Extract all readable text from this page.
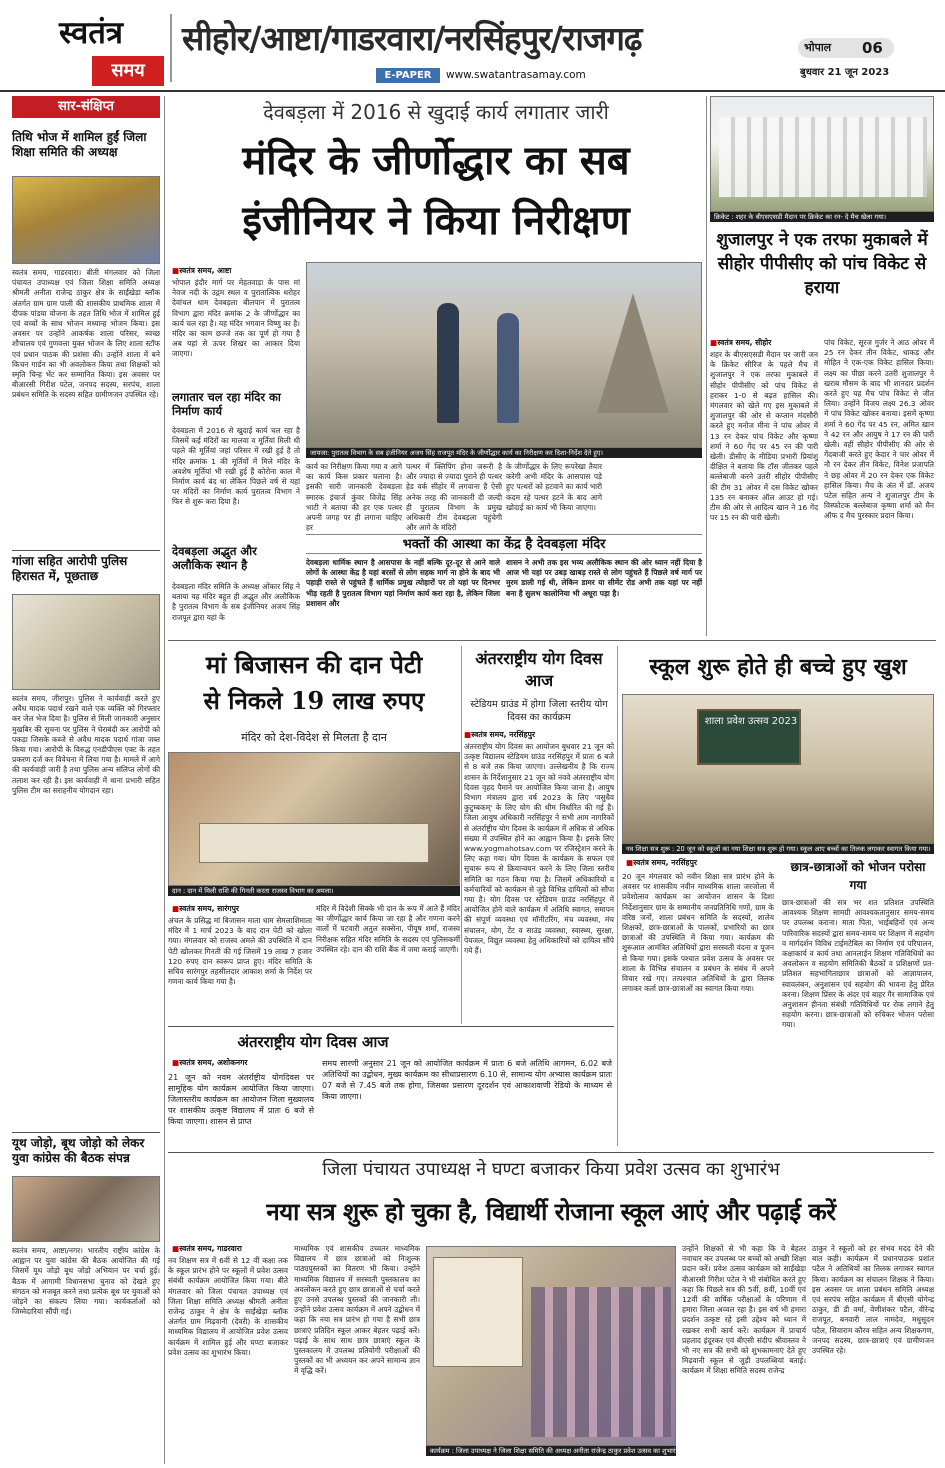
स्वतंत्र
समय
सीहोर/आष्टा/गाडरवारा/नरसिंहपुर/राजगढ़
E-PAPER	www.swatantrasamay.com
भोपाल	06
बुधवार 21 जून 2023
सार-संक्षिप्त
तिथि भोज में शामिल हुईं जिला शिक्षा समिति की अध्यक्ष
स्वतंत्र समय, गाडरवारा। बीती मंगलवार को जिला पंचायत उपाध्यक्ष एवं जिला शिक्षा समिति अध्यक्ष श्रीमती अनीता राजेन्द्र ठाकुर क्षेत्र के साईंखेड़ा ब्लॉक अंतर्गत ग्राम ग्राम पाली की शासकीय प्राथमिक शाला में दीपक पांडया योजना के तहत तिथि भोज में शामिल हुई एवं बच्चों के साथ भोजन मध्यान्ह भोजन किया। इस अवसर पर उन्होंने आकर्षक शाला परिसर, स्वच्छ शौचालय एवं गुणवत्ता युक्त भोजन के लिए शाला स्टॉफ एवं प्रधान पाठक की प्रशंसा की। उन्होंने शाला में बने किचन गार्डन का भी अवलोकन किया तथा शिक्षकों को स्मृति चिन्ह भेंट कर सम्मानित किया। इस अवसर पर बीआरसी गिरीश पटेल, जनपद सदस्य, सरपंच, शाला प्रबंधन समिति के सदस्य सहित ग्रामीणजन उपस्थित रहे।
गांजा सहित आरोपी पुलिस हिरासत में, पूछताछ
स्वतंत्र समय, जीरापुर। पुलिस ने कार्यवाही करते हुए अवैध मादक पदार्थ रखने वाले एक व्यक्ति को गिरफ्तार कर जेल भेज दिया है। पुलिस से मिली जानकारी अनुसार मुखबिर की सूचना पर पुलिस ने घेराबंदी कर आरोपी को पकड़ा जिसके कब्जे से अवैध मादक पदार्थ गांजा जब्त किया गया। आरोपी के विरुद्ध एनडीपीएस एक्ट के तहत प्रकरण दर्ज कर विवेचना में लिया गया है। मामले में आगे की कार्यवाही जारी है तथा पुलिस अन्य संलिप्त लोगों की तलाश कर रही है। इस कार्यवाही में थाना प्रभारी सहित पुलिस टीम का सराहनीय योगदान रहा।
यूथ जोड़ो, बूथ जोड़ो को लेकर युवा कांग्रेस की बैठक संपन्न
स्वतंत्र समय, आष्टा/नगर। भारतीय राष्ट्रीय कांग्रेस के आह्वान पर युवा कांग्रेस की बैठक आयोजित की गई जिसमें यूथ जोड़ो बूथ जोड़ो अभियान पर चर्चा हुई। बैठक में आगामी विधानसभा चुनाव को देखते हुए संगठन को मजबूत करने तथा प्रत्येक बूथ पर युवाओं को जोड़ने का संकल्प लिया गया। कार्यकर्ताओं को जिम्मेदारियां सौंपी गईं।
देवबड़ला में 2016 से खुदाई कार्य लगातार जारी
मंदिर के जीर्णोद्धार का सब
इंजीनियर ने किया निरीक्षण
■ स्वतंत्र समय, आष्टा
भोपाल इंदौर मार्ग पर मेहतवाड़ा के पास मां नेवज नदी के उद्गम स्थल व पुरातात्विक धरोहर देवांचल धाम देवबड़ला बीलपान में पुरातत्व विभाग द्वारा मंदिर क्रमांक 2 के जीर्णोद्धार का कार्य चल रहा है। यह मंदिर भगवान विष्णु का है। मंदिर का काम छज्जे तक का पूर्ण हो गया है अब यहां से ऊपर शिखर का आकार दिया जाएगा।
लगातार चल रहा मंदिर का निर्माण कार्य
देवबड़ला में 2016 से खुदाई कार्य चल रहा है जिसमें कई मंदिरों का मालवा व मूर्तियां मिली थी पहले की मूर्तियां जहां परिसर में रखी हुई है तो मंदिर क्रमांक 1 की मूर्तियों में मिले मंदिर के अवशेष मूर्तियां भी रखी हुई हैं कोरोना काल में निर्माण कार्य बंद था लेकिन पिछले वर्ष से यहां पर मंदिरों का निर्माण कार्य पुरातत्व विभाग ने फिर से शुरू करा दिया है।
देवबड़ला अद्भुत और अलौकिक स्थान है
देवबड़ला मंदिर समिति के अध्यक्ष ओंकार सिंह ने बताया यह मंदिर बहुत ही अद्भुत और अलौकिक है पुरातत्व विभाग के सब इंजीनियर अजय सिंह राजपूत द्वारा यहां के
जायजा: पुरातत्व विभाग के सब इंजीनियर अजय सिंह राजपूत मंदिर के जीर्णोद्धार कार्य का निरीक्षण कर दिशा-निर्देश देते हुए।
कार्य का निरीक्षण किया गया व आगे का कार्य किस प्रकार चलाना है। इसकी सारी जानकारी देवबड़ला स्मारक इंचार्ज कुंवर विजेंद्र सिंह भाटी ने बताया की हर एक पत्थर अपनी जगह पर ही लगाना चाहिए हर
पत्थर में क्लिपिंग होना जरूरी है और ज्यादा से ज्यादा पुराने ही पत्थर हेड वर्क सीहोर में लगवाना है ऐसी अनेक तरह की जानकारी दी जल्दी ही पुरातत्व विभाग के प्रमुख अधिकारी टीम देवबड़ला पहुंचेगी और आगे के मंदिरों
के जीर्णोद्धार के लिए रूपरेखा तैयार करेगी अभी मंदिर के आसपास पड़े हुए पत्थरों को हटवाने का कार्य भारी कदम रहे पत्थर हटने के बाद आगे खोदाई का कार्य भी किया जाएगा।
भक्तों की आस्था का केंद्र है देवबड़ला मंदिर
देवबड़ला धार्मिक स्थान है आसपास के नहीं बल्कि दूर-दूर से आने वाले लोगों के आस्था केंद्र है यहां बरसों से लोग सहक मार्ग ना होने के बाद भी पहाड़ी रास्ते से पहुंचते हैं धार्मिक प्रमुख त्योहारों पर तो यहां पर दिनभर भीड़ रहती है पुरातत्व विभाग यहां निर्माण कार्य करा रहा है, लेकिन जिला प्रशासन और
शासन ने अभी तक इस भव्य अलौकिक स्थान की ओर ध्यान नहीं दिया है आज भी यहां पर उबड़ खाबड़ रास्ते से लोग पहुंचते हैं पिछले वर्ष मार्ग पर मुरम डाली गई थी, लेकिन डामर या सीमेंट रोड अभी तक यहां पर नहीं बना है सुलभ कालोनिया भी अधूरा पड़ा है।
क्रिकेट : शहर के बीएसएसडी मैदान पर क्रिकेट का रन- दे मैच खेला गया।
शुजालपुर ने एक तरफा मुकाबले में सीहोर पीपीसीए को पांच विकेट से हराया
■ स्वतंत्र समय, सीहोर
शहर के बीएसएसडी मैदान पर जारी जन के क्रिकेट सीरिज के पहले मैच में शुजालपुर ने एक तरफा मुकाबले में सीहोर पीपीसीए को पांच विकेट से हराकर 1-0 से बढ़त हासिल की। मंगलवार को खेले गए इस मुकाबले में शुजालपुर की ओर से कप्तान मंदसौरी करते हुए मनोज मीना ने पांच ओवर में 13 रन देकर पांच विकेट और कृष्णा शर्मा ने 60 गेंद पर 45 रन की पारी खेली। डीसीए के मीडिया प्रभारी प्रियांशु दीक्षित ने बताया कि टॉस जीतकर पहले बल्लेबाजी करने उतरी सीहोर पीपीसीए की टीम 31 ओवर में दस विकेट खोकर 135 रन बनाकर ऑल आउट हो गई। टीम की ओर से आदित्य खान ने 16 गेंद पर 15 रन की पारी खेली।
पांच विकेट, सूरज गुर्जर ने आठ ओवर में 25 रन देकर तीन विकेट, धाकड़ और मोहित ने एक-एक विकेट हासिल किया। लक्ष्य का पीछा करने उतरी शुजालपुर ने खराब मौसम के बाद भी शानदार प्रदर्शन करते हुए यह मैच पांच विकेट से जीत लिया। उन्होंने विजय लक्ष्य 26.3 ओवर में पांच विकेट खोकर बनाया। इसमें कृष्णा शर्मा ने 60 गेंद पर 45 रन, अमित खान ने 42 रन और आयुष ने 17 रन की पारी खेली। वहीं सीहोर पीपीसीए की ओर से गेंदबाजी करते हुए केदार ने चार ओवर में नौ रन देकर तीन विकेट, विनेश प्रजापति ने छह ओवर में 20 रन देकर एक विकेट हासिल किया। मैच के अंत में डॉ. अजय पटेल सहित अन्य ने शुजालपुर टीम के विस्फोटक बल्लेबाज कृष्णा शर्मा को मैन ऑफ द मैच पुरस्कार प्रदान किया।
मां बिजासन की दान पेटी
से निकले 19 लाख रुपए
मंदिर को देश-विदेश से मिलता है दान
दान : दान में मिली राशि की गिनती करता राजस्व विभाग का अमला।
■ स्वतंत्र समय, सारंगपुर
अंचल के प्रसिद्ध मां बिजासन माता धाम सेमलाशिमाता मंदिर में 1 मार्च 2023 के बाद दान पेटी को खोला गया। मंगलवार को राजस्व अमले की उपस्थिति में दान पेटी खोलकर गिनती की गई जिसमें 19 लाख 7 हजार 120 रुपए दान स्वरूप प्राप्त हुए। मंदिर समिति के सचिव सारंगपुर तहसीलदार आकाश शर्मा के निर्देश पर गणना कार्य किया गया है।
मंदिर में विदेशी सिक्के भी दान के रूप में आते हैं मंदिर का जीर्णोद्धार कार्य किया जा रहा है और गणना करने वालों में पटवारी अतुल सक्सेना, पीयूष शर्मा, राजस्व निरीक्षक सहित मंदिर समिति के सदस्य एवं पुलिसकर्मी उपस्थित रहे। दान की राशि बैंक में जमा कराई जाएगी।
अंतरराष्ट्रीय योग दिवस आज
स्टेडियम ग्राउंड में होगा जिला स्तरीय योग दिवस का कार्यक्रम
■ स्वतंत्र समय, नरसिंहपुर
अंतरराष्ट्रीय योग दिवस का आयोजन बुधवार 21 जून को उत्कृष्ट विद्यालय स्टेडियम ग्राउंड नरसिंहपुर में प्रातः 6 बजे से 8 बजे तक किया जाएगा। उल्लेखनीय है कि राज्य शासन के निर्देशानुसार 21 जून को नववे अंतरराष्ट्रीय योग दिवस वृहद पैमाने पर आयोजित किया जाना है। आयुष विभाग मंत्रालय द्वारा वर्ष 2023 के लिए 'वसुधैव कुटुम्बकम्' के लिए योग की थीम निर्धारित की गई है। जिला आयुष अधिकारी नरसिंहपुर ने सभी आम नागरिकों से अंतर्राष्ट्रीय योग दिवस के कार्यक्रम में अधिक से अधिक संख्या में उपस्थित होने का आह्वान किया है। इसके लिए www.yogmahotsav.com पर रजिस्ट्रेशन करने के लिए कहा गया। योग दिवस के कार्यक्रम के सफल एवं सुचारू रूप से क्रियान्वयन करने के लिए जिला स्तरीय समिति का गठन किया गया है। जिसमें अधिकारियों व कर्मचारियों को कार्यक्रम से जुड़े विभिन्न दायित्वों को सौंपा गया है। योग दिवस पर स्टेडियम ग्राउंड नरसिंहपुर में आयोजित होने वाले कार्यक्रम में अतिथि स्वागत, समापन की संपूर्ण व्यवस्था एवं मॉनीटरिंग, मंच व्यवस्था, मंच संचालन, योग, टेंट व साउंड व्यवस्था, स्वास्थ्य, सुरक्षा, पेयजल, विद्युत व्यवस्था हेतु अधिकारियों को दायित्व सौंपे गये हैं।
अंतरराष्ट्रीय योग दिवस आज
■ स्वतंत्र समय, अशोकनगर
21 जून को नवम अंतर्राष्ट्रीय योगदिवस पर सामूहिक योग कार्यक्रम आयोजित किया जाएगा। जिलास्तरीय कार्यक्रम का आयोजन जिला मुख्यालय पर शासकीय उत्कृष्ट विद्यालय में प्रातः 6 बजे से किया जाएगा। शासन से प्राप्त
समय सारणी अनुसार 21 जून को आयोजित कार्यक्रम में प्रातः 6 बजे अतिथि आगमन, 6.02 बजे अतिथियों का उद्बोधन, मुख्य कार्यक्रम का सीधाप्रसारण 6.10 से, सामान्य योग अभ्यास कार्यक्रम प्रातः 07 बजे से 7.45 बजे तक होगा, जिसका प्रसारण दूरदर्शन एवं आकाशवाणी रेडियो के माध्यम से किया जाएगा।
स्कूल शुरू होते ही बच्चे हुए खुश
शाला प्रवेश उत्सव 2023
नव शिक्षा सत्र शुरू : 20 जून को स्कूलों का नया शिक्षा सत्र शुरू हो गया। स्कूल आए बच्चों का तिलक लगाकर स्वागत किया गया।
■ स्वतंत्र समय, नरसिंहपुर
20 जून मंगलवार को नवीन शिक्षा सत्र प्रारंभ होने के अवसर पर शासकीय नवीन माध्यमिक शाला जरजोला में प्रवेशोत्सव कार्यक्रम का आयोजन शासन के दिशा निर्देशानुसार ग्राम के सम्मानीय जनप्रतिनिधि गणों, ग्राम के वरिष्ठ जनों, शाला प्रबंधन समिति के सदस्यों, शालेय शिक्षकों, छात्र-छात्राओं के पालकों, प्रभारियों का छात्र छात्राओं की उपस्थिति में किया गया। कार्यक्रम की शुरूआत आमंत्रित अतिथियों द्वारा सरस्वती वंदना व पूजन से किया गया। इसके पश्चात प्रवेश उत्सव के अवसर पर शाला के विभिन्न संचालन व प्रबंधन के संबंध में अपने विचार रखे गए। तत्पश्चात अतिथियों के द्वारा तिलक लगाकर कर्ता छात्र-छात्राओं का स्वागत किया गया।
छात्र-छात्राओं को भोजन परोसा गया
छात्र-छात्राओं की सत्र भर शत प्रतिशत उपस्थिति आवश्यक शिक्षण सामग्री आवश्यकतानुसार समय-समय पर उपलब्ध कराना। माता पिता, भाईबहिनों एवं अन्य पारिवारिक सदस्यों द्वारा समय-समय पर शिक्षण में सहयोग व मार्गदर्शन विविध टाईमटेबिल का निर्माण एवं परिपालन, कक्षाकार्य व कार्य तथा आनलाईन शिक्षण गतिविधियों का अवलोकन व सहयोग समितिकी बैठकों व प्रशिक्षणों प्रत-प्रतिशत सहभागिताछात्र छात्राओं को आज्ञापालन, स्वावलंबन, अनुशासन एवं सहयोग की भावना हेतु प्रेरित करना। शिक्षण प्रिंसर के अंदर एवं बाहर गैर सामाजिक एवं अनुशासन हीनता संबंधी गतिविधियों पर रोक लगाने हेतु सहयोग करना। छात्र-छात्राओं को रुचिकर भोजन परोसा गया।
जिला पंचायत उपाध्यक्ष ने घण्टा बजाकर किया प्रवेश उत्सव का शुभारंभ
नया सत्र शुरू हो चुका है, विद्यार्थी रोजाना स्कूल आएं और पढ़ाई करें
■ स्वतंत्र समय, गाडरवारा
नव शिक्षण सत्र में 6वीं से 12 वीं कक्षा तक के स्कूल प्रारंभ होने पर स्कूलों में प्रवेश उत्सव संबंधी कार्यक्रम आयोजित किया गया। बीते मंगलवार को जिला पंचायत उपाध्यक्ष एवं जिला शिक्षा समिति अध्यक्ष श्रीमती अनीता राजेन्द्र ठाकुर ने क्षेत्र के साईंखेड़ा ब्लॉक अंतर्गत ग्राम मिढ़वानी (देवरी) के शासकीय माध्यमिक विद्यालय में आयोजित प्रवेश उत्सव कार्यक्रम में शामिल हुई और घण्टा बजाकर प्रवेश उत्सव का शुभारंभ किया।
माध्यमिक एवं शासकीय उच्चतर माध्यमिक विद्यालय में छात्र छात्राओं को निःशुल्क पाठ्यपुस्तकों का वितरण भी किया। उन्होंने माध्यमिक विद्यालय में सरस्वती पुस्तकालय का अवलोकन करते हुए छात्र छात्राओं से चर्चा करते हुए उनसे उपलब्ध पुस्तकों की जानकारी ली। उन्होंने प्रवेश उत्सव कार्यक्रम में अपने उद्बोधन में कहा कि नया सत्र प्रारंभ हो गया है सभी छात्र छात्राएं प्रतिदिन स्कूल आकर बेहतर पढ़ाई करें। पढ़ाई के साथ साथ छात्र छात्राएं स्कूल के पुस्तकालय में उपलब्ध प्रतियोगी परीक्षाओं की पुस्तकों का भी अध्ययन कर अपने सामान्य ज्ञान में वृद्धि करें।
कार्यक्रम : जिला उपाध्यक्ष ने जिला शिक्षा समिति की अध्यक्ष अनीता राजेन्द्र ठाकुर प्रवेश उत्सव का शुभारंभ करते हुए।
उन्होंने शिक्षकों से भी कहा कि वे बेहतर नवाचार कर उपलब्ध पर बच्चों को अच्छी शिक्षा प्रदान करें। प्रवेश उत्सव कार्यक्रम को साईंखेड़ा बीआरसी गिरीश पटेल ने भी संबोधित करते हुए कहा कि पिछले सत्र की 5वीं, 8वीं, 10वीं एवं 12वीं की वार्षिक परीक्षाओं के परिणाम में हमारा जिला अव्वल रहा है। इस वर्ष भी हमारा प्रदर्शन उत्कृष्ट रहे इसी उद्देश्य को ध्यान में रखकर सभी कार्य करें। कार्यक्रम में प्राचार्य प्रहलाद इंदूरकर एवं बीएसी संदीप श्रीवास्तव ने भी नए सत्र की सभी को शुभकामनाएं देते हुए मिढ़वानी स्कूल से जुड़ी उपलब्धियां बताई। कार्यक्रम में शिक्षा समिति सदस्य राजेन्द्र
ठाकुर ने स्कूलों को हर संभव मदद देने की बात कही। कार्यक्रम में प्रधानपाठक प्रशांत पटैल ने अतिथियों का तिलक लगाकर स्वागत किया। कार्यक्रम का संचालन शिक्षक ने किया। इस अवसर पर शाला प्रबंधन समिति अध्यक्ष एवं सरपंच सहित कार्यक्रम में बीएसी योगेन्द्र ठाकुर, डी डी वर्मा, वेणीशंकर पटैल, वीरेन्द्र राजपूत, बनवारी लाल नामदेव, मधुसूदन पटैल, सियाराम कौरव सहित अन्य शिक्षकगण, जनपद सदस्य, छात्र-छात्राएं एवं ग्रामीणजन उपस्थित रहे।
